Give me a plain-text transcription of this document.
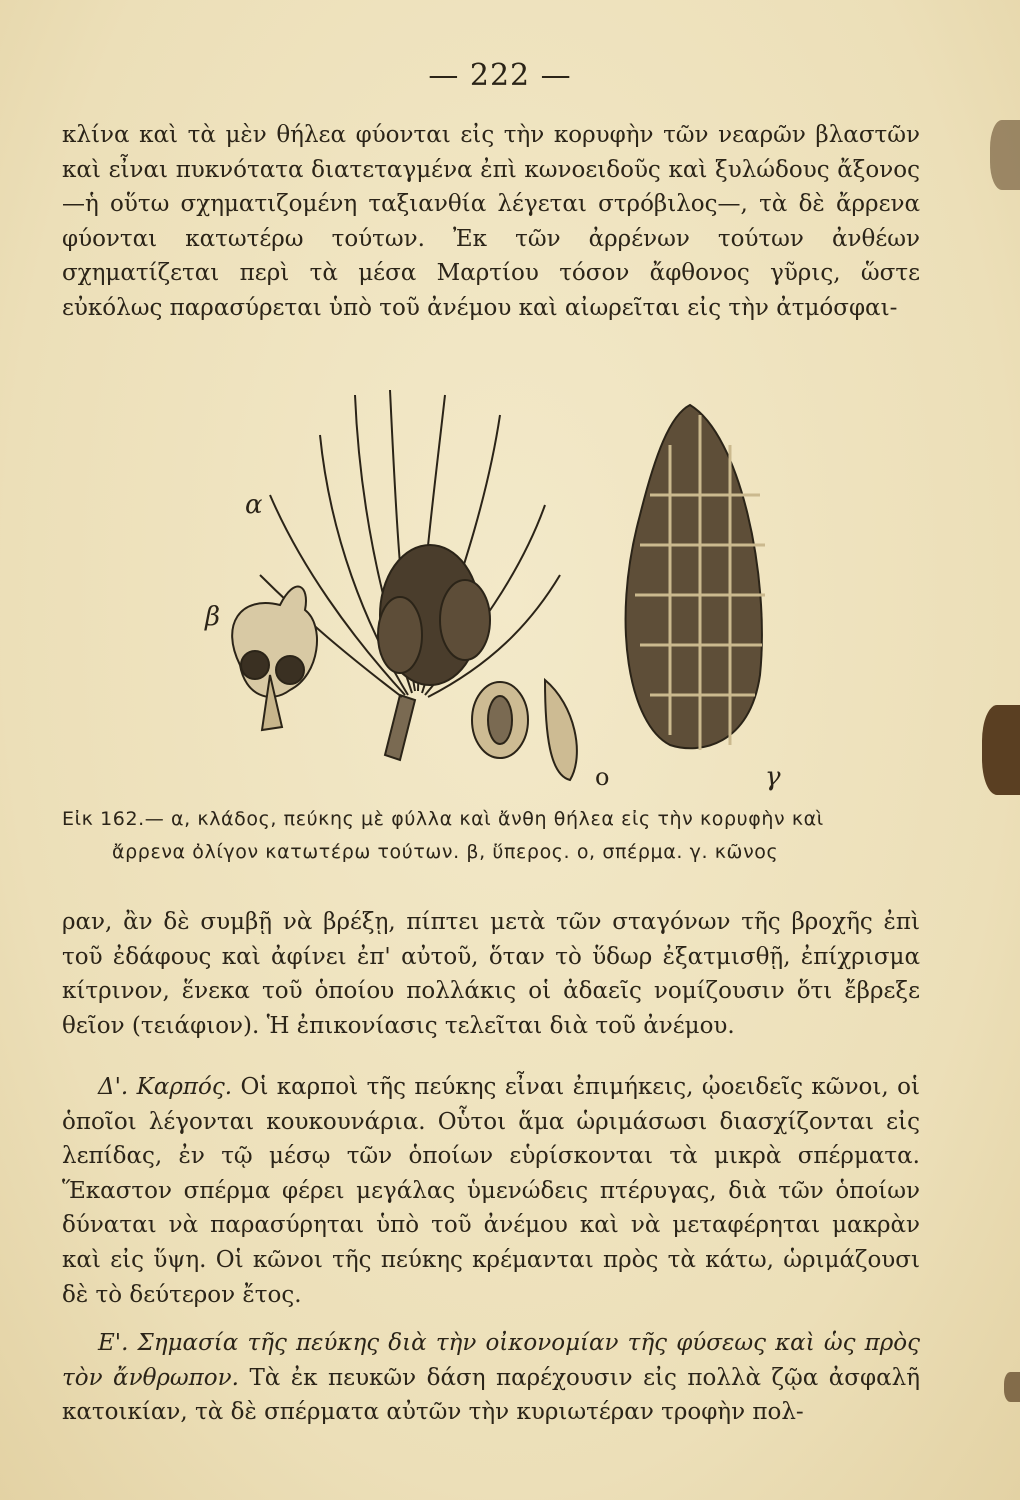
— 222 —

κλίνα καὶ τὰ μὲν θήλεα φύονται εἰς τὴν κορυφὴν τῶν νεαρῶν βλαστῶν καὶ εἶναι πυκνότατα διατεταγμένα ἐπὶ κωνοειδοῦς καὶ ξυλώδους ἄξονος—ἡ οὕτω σχηματιζομένη ταξιανθία λέγεται στρόβιλος—, τὰ δὲ ἄρρενα φύονται κατωτέρω τούτων. Ἐκ τῶν ἀρρένων τούτων ἀνθέων σχηματίζεται περὶ τὰ μέσα Μαρτίου τόσον ἄφθονος γῦρις, ὥστε εὐκόλως παρασύρεται ὑπὸ τοῦ ἀνέμου καὶ αἰωρεῖται εἰς τὴν ἀτμόσφαι-

α
β
ο	γ
Εἰκ 162.— α, κλάδος, πεύκης μὲ φύλλα καὶ ἄνθη θήλεα εἰς τὴν κορυφὴν καὶ
ἄρρενα ὀλίγον κατωτέρω τούτων. β, ὕπερος. ο, σπέρμα. γ. κῶνος

ραν, ἂν δὲ συμβῇ νὰ βρέξῃ, πίπτει μετὰ τῶν σταγόνων τῆς βροχῆς ἐπὶ τοῦ ἐδάφους καὶ ἀφίνει ἐπ' αὐτοῦ, ὅταν τὸ ὕδωρ ἐξατμισθῇ, ἐπίχρισμα κίτρινον, ἕνεκα τοῦ ὁποίου πολλάκις οἱ ἀδαεῖς νομίζουσιν ὅτι ἔβρεξε θεῖον (τειάφιον). Ἡ ἐπικονίασις τελεῖται διὰ τοῦ ἀνέμου.

Δ'. Καρπός. Οἱ καρποὶ τῆς πεύκης εἶναι ἐπιμήκεις, ᾠοειδεῖς κῶνοι, οἱ ὁποῖοι λέγονται κουκουνάρια. Οὗτοι ἅμα ὡριμάσωσι διασχίζονται εἰς λεπίδας, ἐν τῷ μέσῳ τῶν ὁποίων εὑρίσκονται τὰ μικρὰ σπέρματα. Ἕκαστον σπέρμα φέρει μεγάλας ὑμενώδεις πτέρυγας, διὰ τῶν ὁποίων δύναται νὰ παρασύρηται ὑπὸ τοῦ ἀνέμου καὶ νὰ μεταφέρηται μακρὰν καὶ εἰς ὕψη. Οἱ κῶνοι τῆς πεύκης κρέμανται πρὸς τὰ κάτω, ὡριμάζουσι δὲ τὸ δεύτερον ἔτος.

Ε'. Σημασία τῆς πεύκης διὰ τὴν οἰκονομίαν τῆς φύσεως καὶ ὡς πρὸς τὸν ἄνθρωπον. Τὰ ἐκ πευκῶν δάση παρέχουσιν εἰς πολλὰ ζῷα ἀσφαλῆ κατοικίαν, τὰ δὲ σπέρματα αὐτῶν τὴν κυριωτέραν τροφὴν πολ-
